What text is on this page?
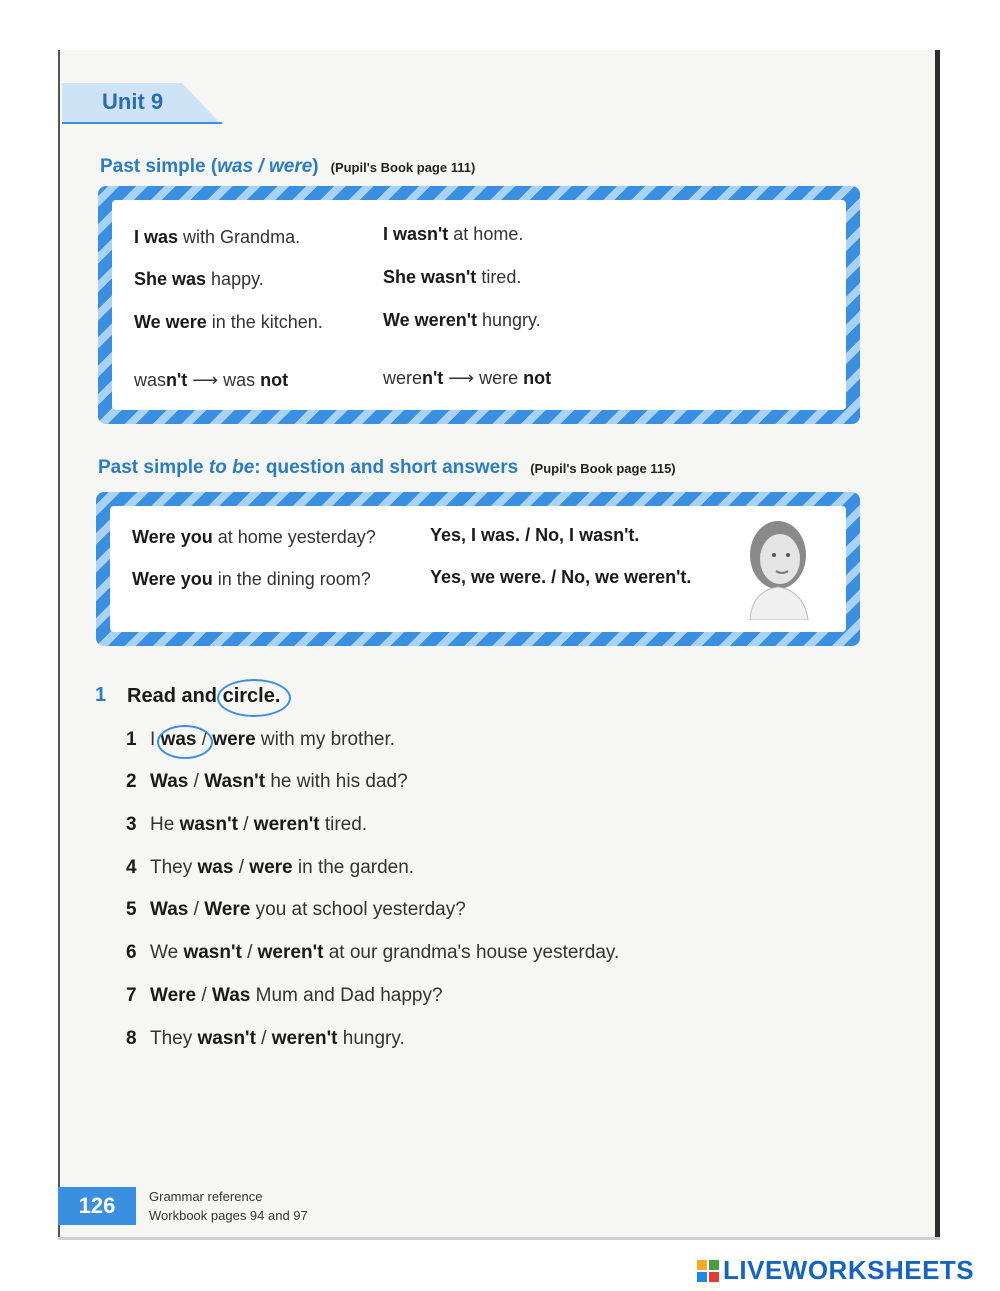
Unit 9
Past simple (was / were) (Pupil's Book page 111)
I was with Grandma.	I wasn't at home.
She was happy.	She wasn't tired.
We were in the kitchen.	We weren't hungry.
wasn't ⟶ was not	weren't ⟶ were not
Past simple to be: question and short answers (Pupil's Book page 115)
Were you at home yesterday?	Yes, I was. / No, I wasn't.
Were you in the dining room?	Yes, we were. / No, we weren't.
1 Read and
circle.
1 I
was / were with my brother.
2 Was / Wasn't he with his dad?
3 He wasn't / weren't tired.
4 They was / were in the garden.
5 Was / Were you at school yesterday?
6 We wasn't / weren't at our grandma's house yesterday.
7 Were / Was Mum and Dad happy?
8 They wasn't / weren't hungry.
126	Grammar reference
Workbook pages 94 and 97
LIVEWORKSHEETS
